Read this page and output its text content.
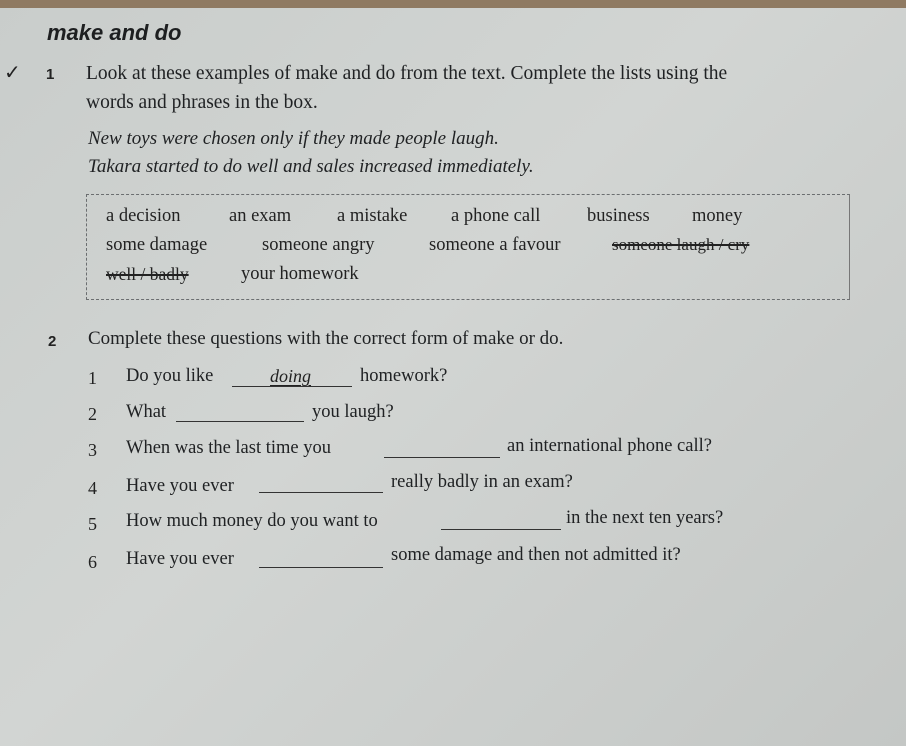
make and do
✓ 1 Look at these examples of make and do from the text. Complete the lists using the
words and phrases in the box.
New toys were chosen only if they made people laugh.
Takara started to do well and sales increased immediately.
a decision	an exam a mistake a phone call	business money
some damage	someone angry	someone a favour	someone laugh / cry
well / badly	your homework
2 Complete these questions with the correct form of make or do.
1 Do you like	doing	homework?
2 What	you laugh?
3 When was the last time you	an international phone call?
4 Have you ever	really badly in an exam?
5 How much money do you want to	in the next ten years?
6 Have you ever	some damage and then not admitted it?
